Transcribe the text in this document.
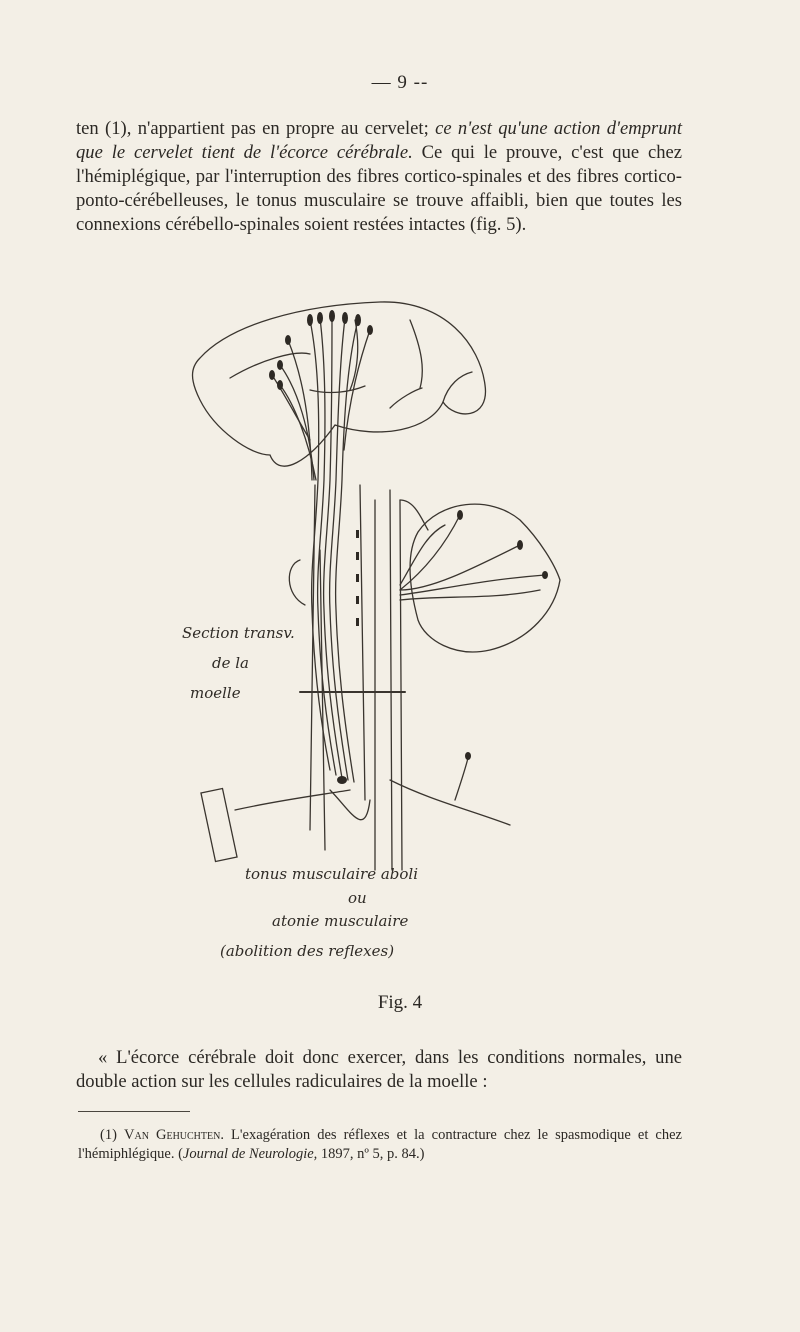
— 9 --
ten (1), n'appartient pas en propre au cervelet; ce n'est qu'une action d'emprunt que le cervelet tient de l'écorce cérébrale. Ce qui le prouve, c'est que chez l'hémiplégique, par l'interruption des fibres cortico-spinales et des fibres cortico-ponto-cérébelleuses, le tonus musculaire se trouve affaibli, bien que toutes les connexions cérébello-spinales soient restées intactes (fig. 5).
Section transv.
de la
moelle
tonus musculaire aboli
ou
atonie musculaire
(abolition des reflexes)
Fig. 4
« L'écorce cérébrale doit donc exercer, dans les conditions normales, une double action sur les cellules radiculaires de la moelle :
(1) Van Gehuchten. L'exagération des réflexes et la contracture chez le spasmodique et chez l'hémiphlégique. (Journal de Neurologie, 1897, nº 5, p. 84.)
